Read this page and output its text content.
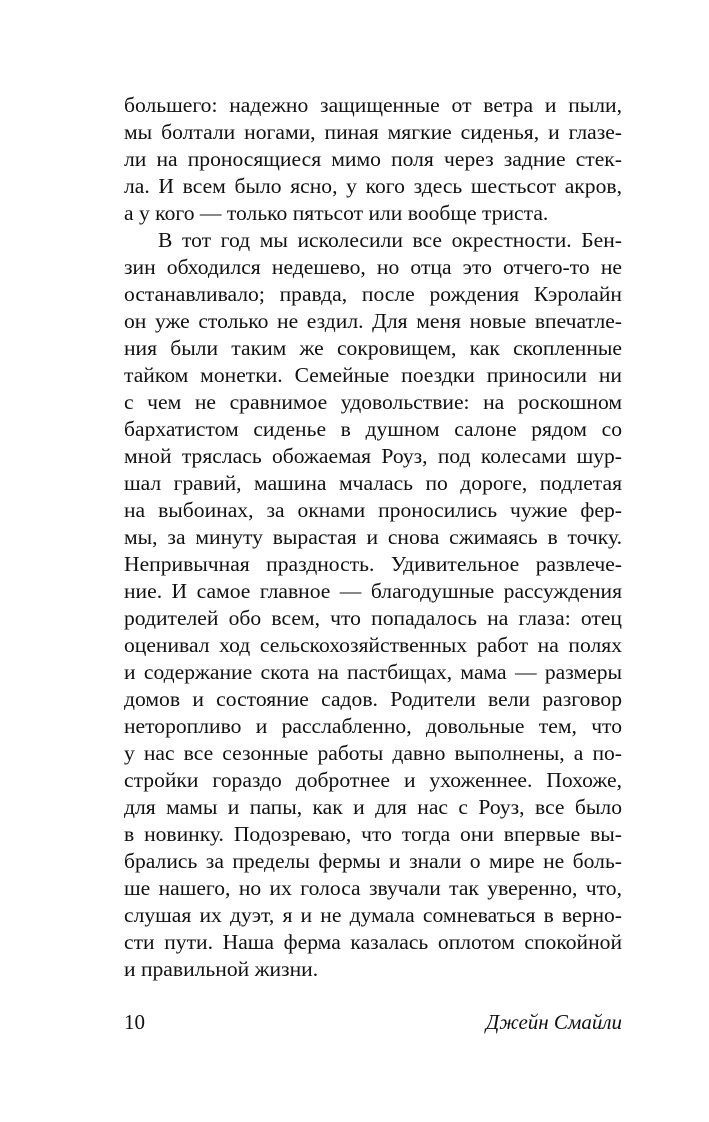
большего: надежно защищенные от ветра и пыли,
мы болтали ногами, пиная мягкие сиденья, и глазе-
ли на проносящиеся мимо поля через задние стек-
ла. И всем было ясно, у кого здесь шестьсот акров,
а у кого — только пятьсот или вообще триста.
В тот год мы исколесили все окрестности. Бен-
зин обходился недешево, но отца это отчего-то не
останавливало; правда, после рождения Кэролайн
он уже столько не ездил. Для меня новые впечатле-
ния были таким же сокровищем, как скопленные
тайком монетки. Семейные поездки приносили ни
с чем не сравнимое удовольствие: на роскошном
бархатистом сиденье в душном салоне рядом со
мной тряслась обожаемая Роуз, под колесами шур-
шал гравий, машина мчалась по дороге, подлетая
на выбоинах, за окнами проносились чужие фер-
мы, за минуту вырастая и снова сжимаясь в точку.
Непривычная праздность. Удивительное развлече-
ние. И самое главное — благодушные рассуждения
родителей обо всем, что попадалось на глаза: отец
оценивал ход сельскохозяйственных работ на полях
и содержание скота на пастбищах, мама — размеры
домов и состояние садов. Родители вели разговор
неторопливо и расслабленно, довольные тем, что
у нас все сезонные работы давно выполнены, а по-
стройки гораздо добротнее и ухоженнее. Похоже,
для мамы и папы, как и для нас с Роуз, все было
в новинку. Подозреваю, что тогда они впервые вы-
брались за пределы фермы и знали о мире не боль-
ше нашего, но их голоса звучали так уверенно, что,
слушая их дуэт, я и не думала сомневаться в верно-
сти пути. Наша ферма казалась оплотом спокойной
и правильной жизни.
10	Джейн Смайли
